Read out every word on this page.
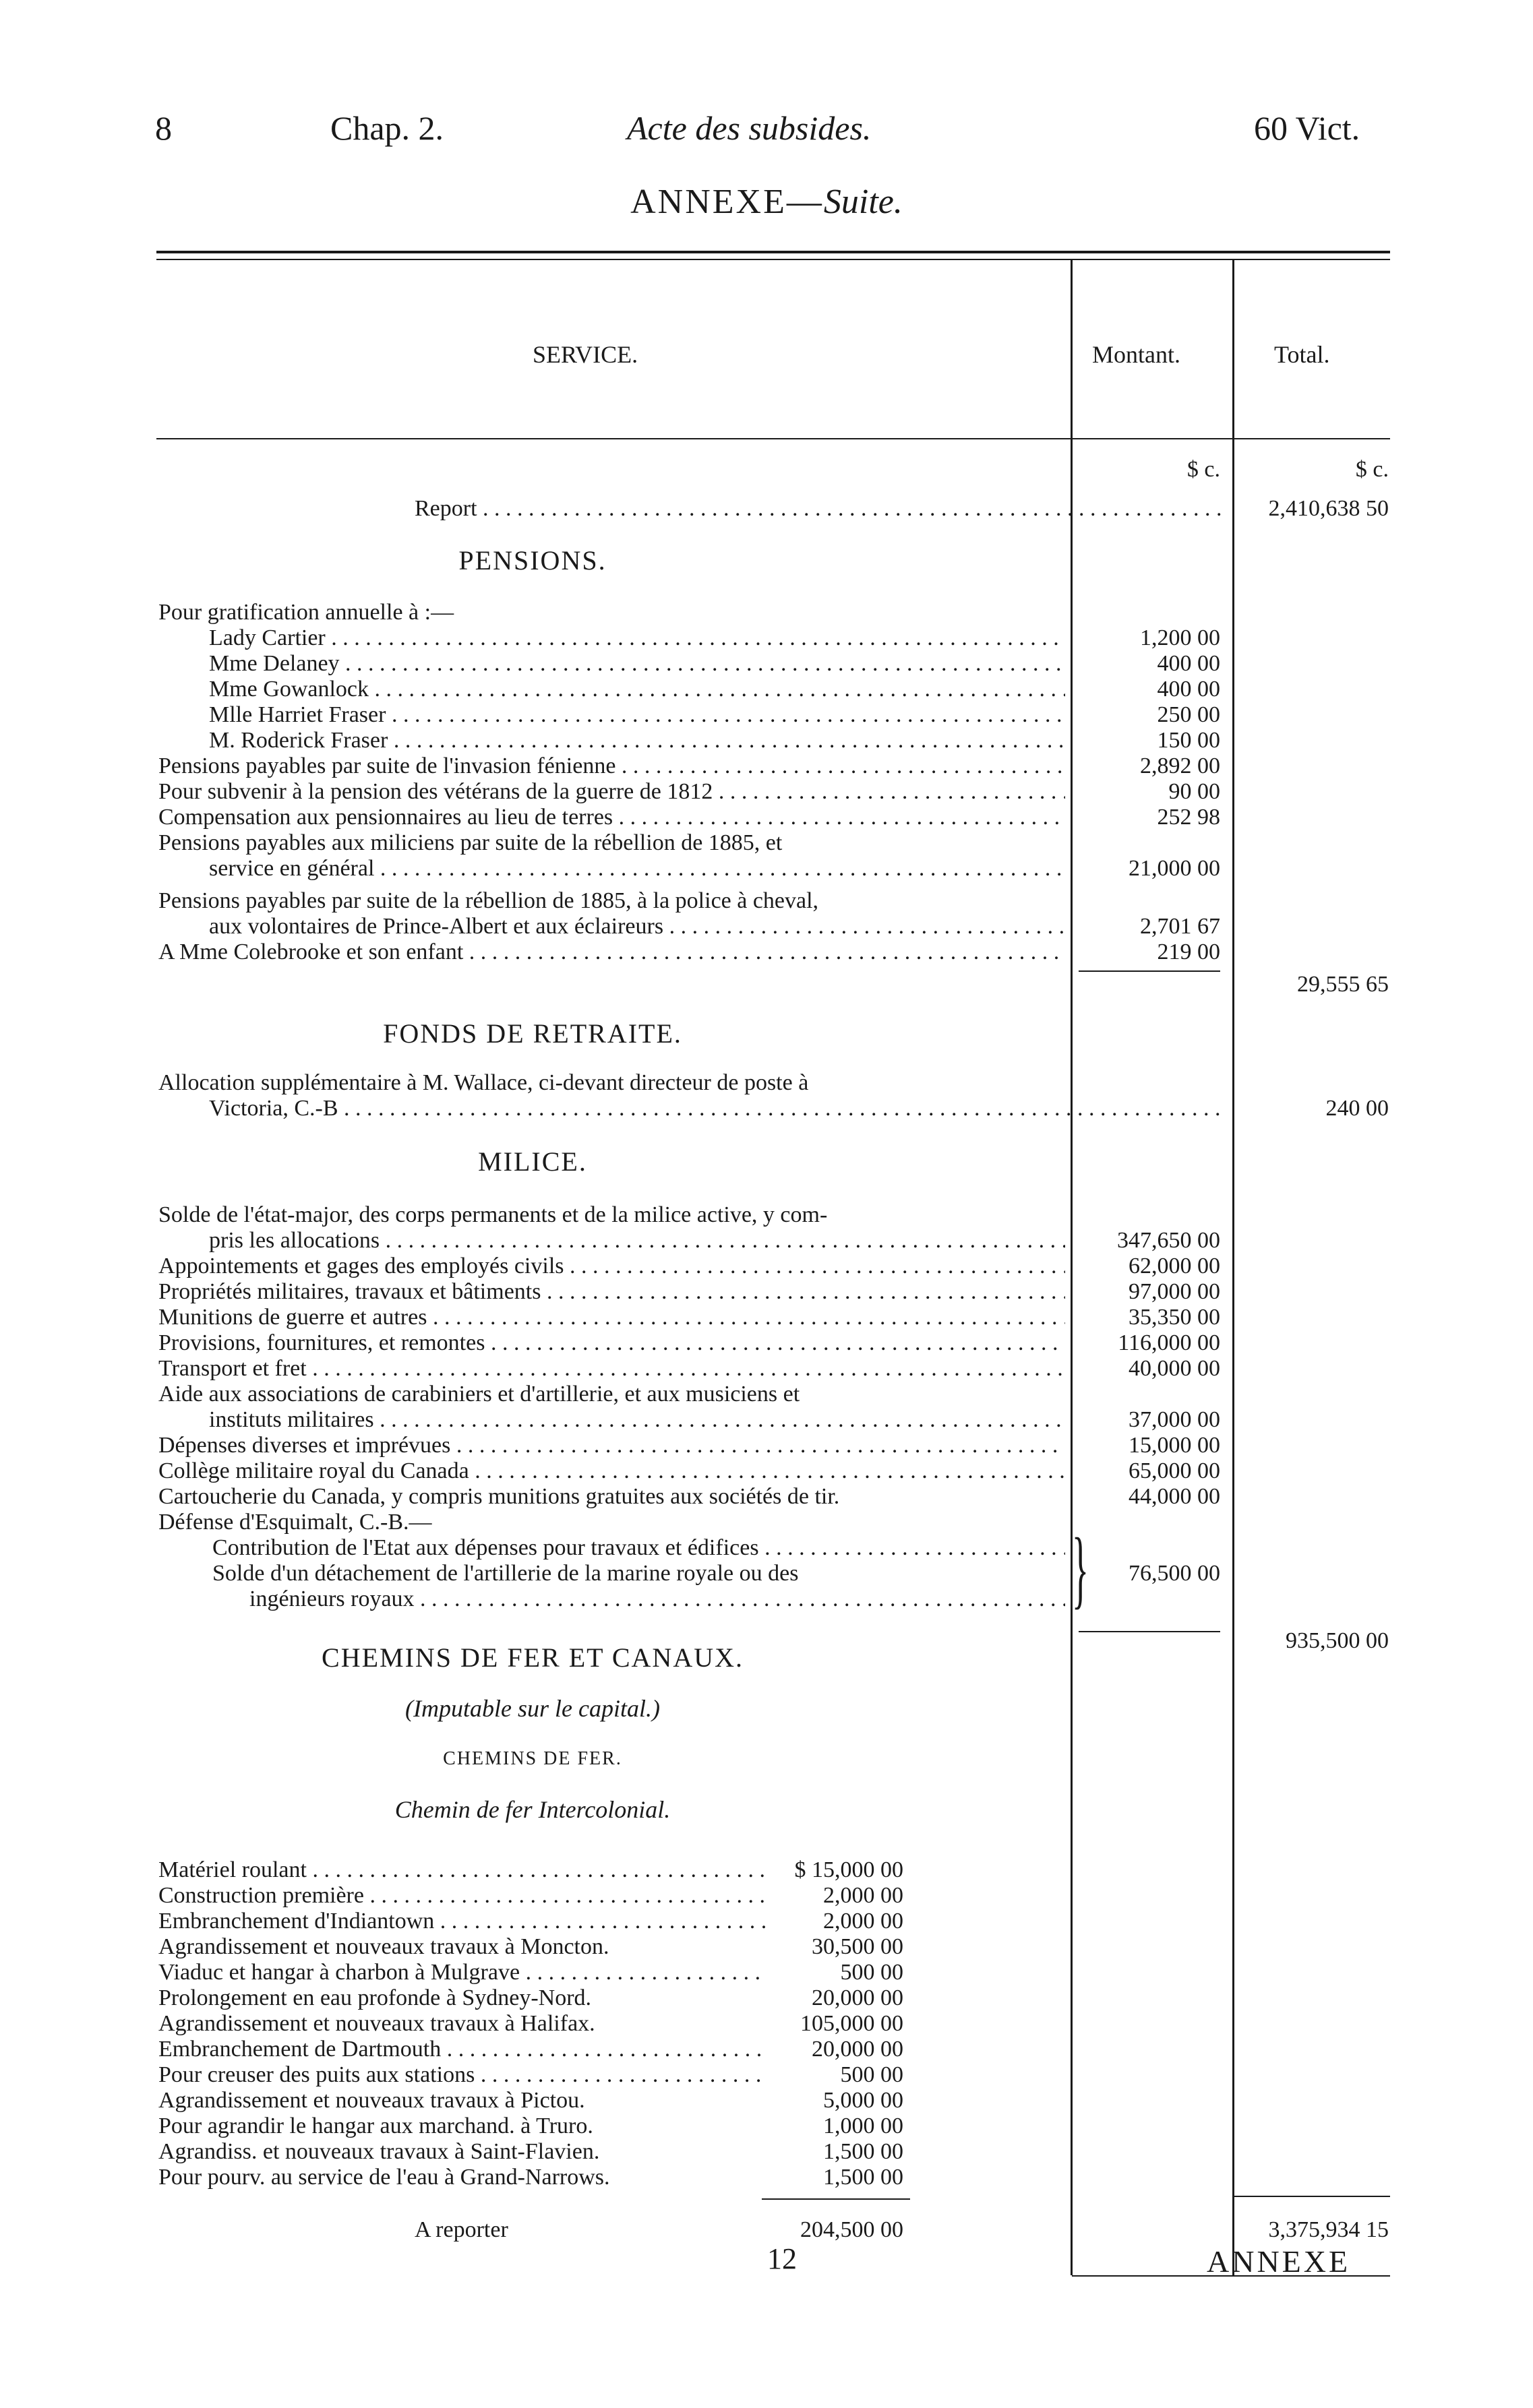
8	Chap. 2.	Acte des subsides.	60 Vict.
ANNEXE—Suite.
SERVICE.	Montant.	Total.
$ c.	$ c.
Report . . .	2,410,638 50
PENSIONS.
Pour gratification annuelle à :—
Lady Cartier . . .	1,200 00
Mme Delaney . . .	400 00
Mme Gowanlock . . .	400 00
Mlle Harriet Fraser . . .	250 00
M. Roderick Fraser . . .	150 00
Pensions payables par suite de l'invasion fénienne . . .	2,892 00
Pour subvenir à la pension des vétérans de la guerre de 1812 . . .	90 00
Compensation aux pensionnaires au lieu de terres . . .	252 98
Pensions payables aux miliciens par suite de la rébellion de 1885, et
service en général . . .	21,000 00
Pensions payables par suite de la rébellion de 1885, à la police à cheval,
aux volontaires de Prince-Albert et aux éclaireurs . . .	2,701 67
A Mme Colebrooke et son enfant . . .	219 00
29,555 65
FONDS DE RETRAITE.
Allocation supplémentaire à M. Wallace, ci-devant directeur de poste à
Victoria, C.-B . . .	240 00
MILICE.
Solde de l'état-major, des corps permanents et de la milice active, y com-
pris les allocations . . .	347,650 00
Appointements et gages des employés civils . . .	62,000 00
Propriétés militaires, travaux et bâtiments . . .	97,000 00
Munitions de guerre et autres . . .	35,350 00
Provisions, fournitures, et remontes . . .	116,000 00
Transport et fret . . .	40,000 00
Aide aux associations de carabiniers et d'artillerie, et aux musiciens et
instituts militaires . . .	37,000 00
Dépenses diverses et imprévues . . .	15,000 00
Collège militaire royal du Canada . . .	65,000 00
Cartoucherie du Canada, y compris munitions gratuites aux sociétés de tir.	44,000 00
Défense d'Esquimalt, C.-B.—
Contribution de l'Etat aux dépenses pour travaux et édifices . . .
Solde d'un détachement de l'artillerie de la marine royale ou des
ingénieurs royaux . . .	}	76,500 00
935,500 00
CHEMINS DE FER ET CANAUX.
(Imputable sur le capital.)
CHEMINS DE FER.
Chemin de fer Intercolonial.
Matériel roulant . . .	$ 15,000 00
Construction première . . .	2,000 00
Embranchement d'Indiantown . . .	2,000 00
Agrandissement et nouveaux travaux à Moncton.	30,500 00
Viaduc et hangar à charbon à Mulgrave . . .	500 00
Prolongement en eau profonde à Sydney-Nord.	20,000 00
Agrandissement et nouveaux travaux à Halifax.	105,000 00
Embranchement de Dartmouth . . .	20,000 00
Pour creuser des puits aux stations . . .	500 00
Agrandissement et nouveaux travaux à Pictou.	5,000 00
Pour agrandir le hangar aux marchand. à Truro.	1,000 00
Agrandiss. et nouveaux travaux à Saint-Flavien.	1,500 00
Pour pourv. au service de l'eau à Grand-Narrows.	1,500 00
A reporter	204,500 00	3,375,934 15
12	ANNEXE
